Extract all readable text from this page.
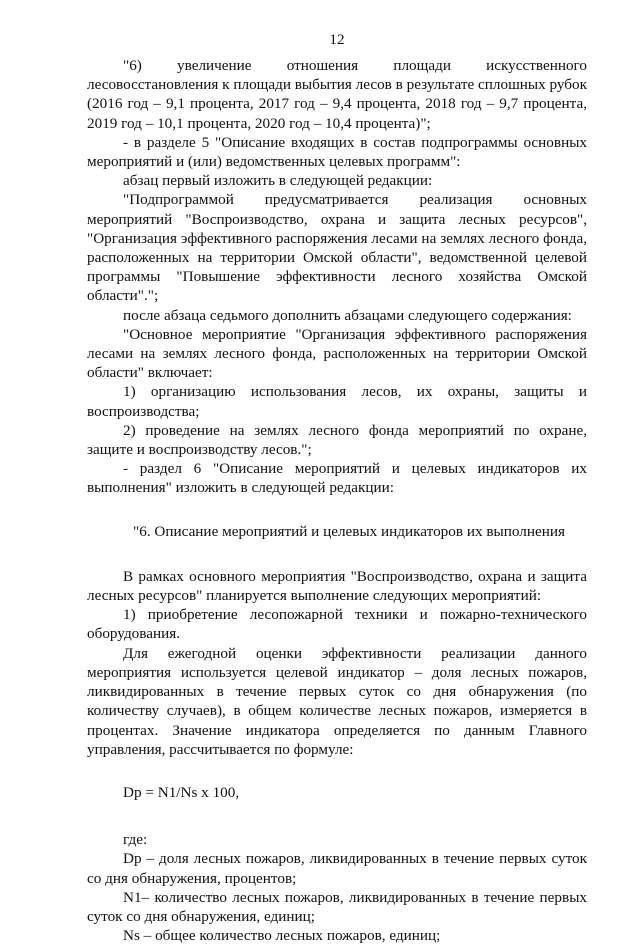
12

"6) увеличение отношения площади искусственного лесовосстановления к площади выбытия лесов в результате сплошных рубок (2016 год – 9,1 процента, 2017 год – 9,4 процента, 2018 год – 9,7 процента, 2019 год – 10,1 процента, 2020 год – 10,4 процента)";

- в разделе 5 "Описание входящих в состав подпрограммы основных мероприятий и (или) ведомственных целевых программ":

абзац первый изложить в следующей редакции:

"Подпрограммой предусматривается реализация основных мероприятий "Воспроизводство, охрана и защита лесных ресурсов", "Организация эффективного распоряжения лесами на землях лесного фонда, расположенных на территории Омской области", ведомственной целевой программы "Повышение эффективности лесного хозяйства Омской области".";

после абзаца седьмого дополнить абзацами следующего содержания:

"Основное мероприятие "Организация эффективного распоряжения лесами на землях лесного фонда, расположенных на территории Омской области" включает:

1) организацию использования лесов, их охраны, защиты и воспроизводства;

2) проведение на землях лесного фонда мероприятий по охране, защите и воспроизводству лесов.";

- раздел 6 "Описание мероприятий и целевых индикаторов их выполнения" изложить в следующей редакции:

"6. Описание мероприятий и целевых индикаторов их выполнения

В рамках основного мероприятия "Воспроизводство, охрана и защита лесных ресурсов" планируется выполнение следующих мероприятий:

1) приобретение лесопожарной техники и пожарно-технического оборудования.

Для ежегодной оценки эффективности реализации данного мероприятия используется целевой индикатор – доля лесных пожаров, ликвидированных в течение первых суток со дня обнаружения (по количеству случаев), в общем количестве лесных пожаров, измеряется в процентах. Значение индикатора определяется по данным Главного управления, рассчитывается по формуле:

Dp = N1/Ns x 100,

где:

Dp – доля лесных пожаров, ликвидированных в течение первых суток со дня обнаружения, процентов;

N1– количество лесных пожаров, ликвидированных в течение первых суток со дня обнаружения, единиц;

Ns – общее количество лесных пожаров, единиц;
